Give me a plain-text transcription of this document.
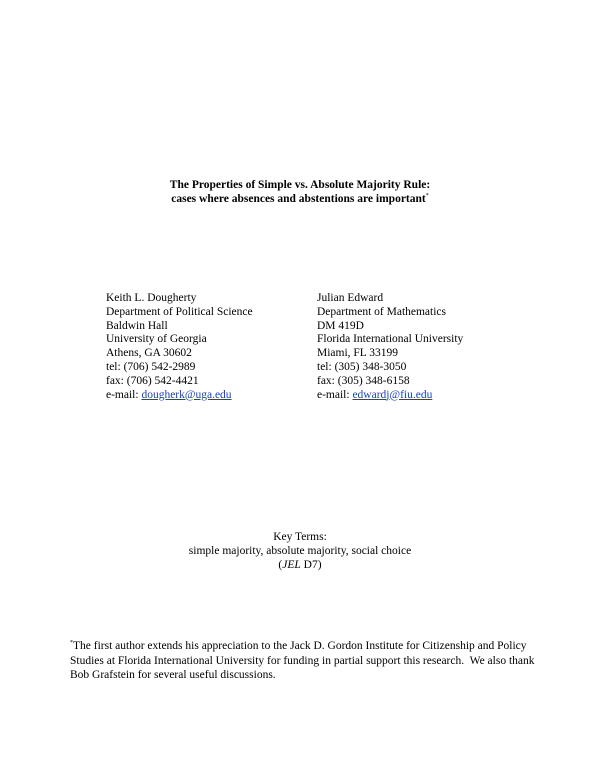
The Properties of Simple vs. Absolute Majority Rule:
cases where absences and abstentions are important*
Keith L. Dougherty
Department of Political Science
Baldwin Hall
University of Georgia
Athens, GA 30602
tel: (706) 542-2989
fax: (706) 542-4421
e-mail: dougherk@uga.edu
Julian Edward
Department of Mathematics
DM 419D
Florida International University
Miami, FL 33199
tel: (305) 348-3050
fax: (305) 348-6158
e-mail: edwardj@fiu.edu
Key Terms:
simple majority, absolute majority, social choice
(JEL D7)
*The first author extends his appreciation to the Jack D. Gordon Institute for Citizenship and Policy Studies at Florida International University for funding in partial support this research.  We also thank Bob Grafstein for several useful discussions.
